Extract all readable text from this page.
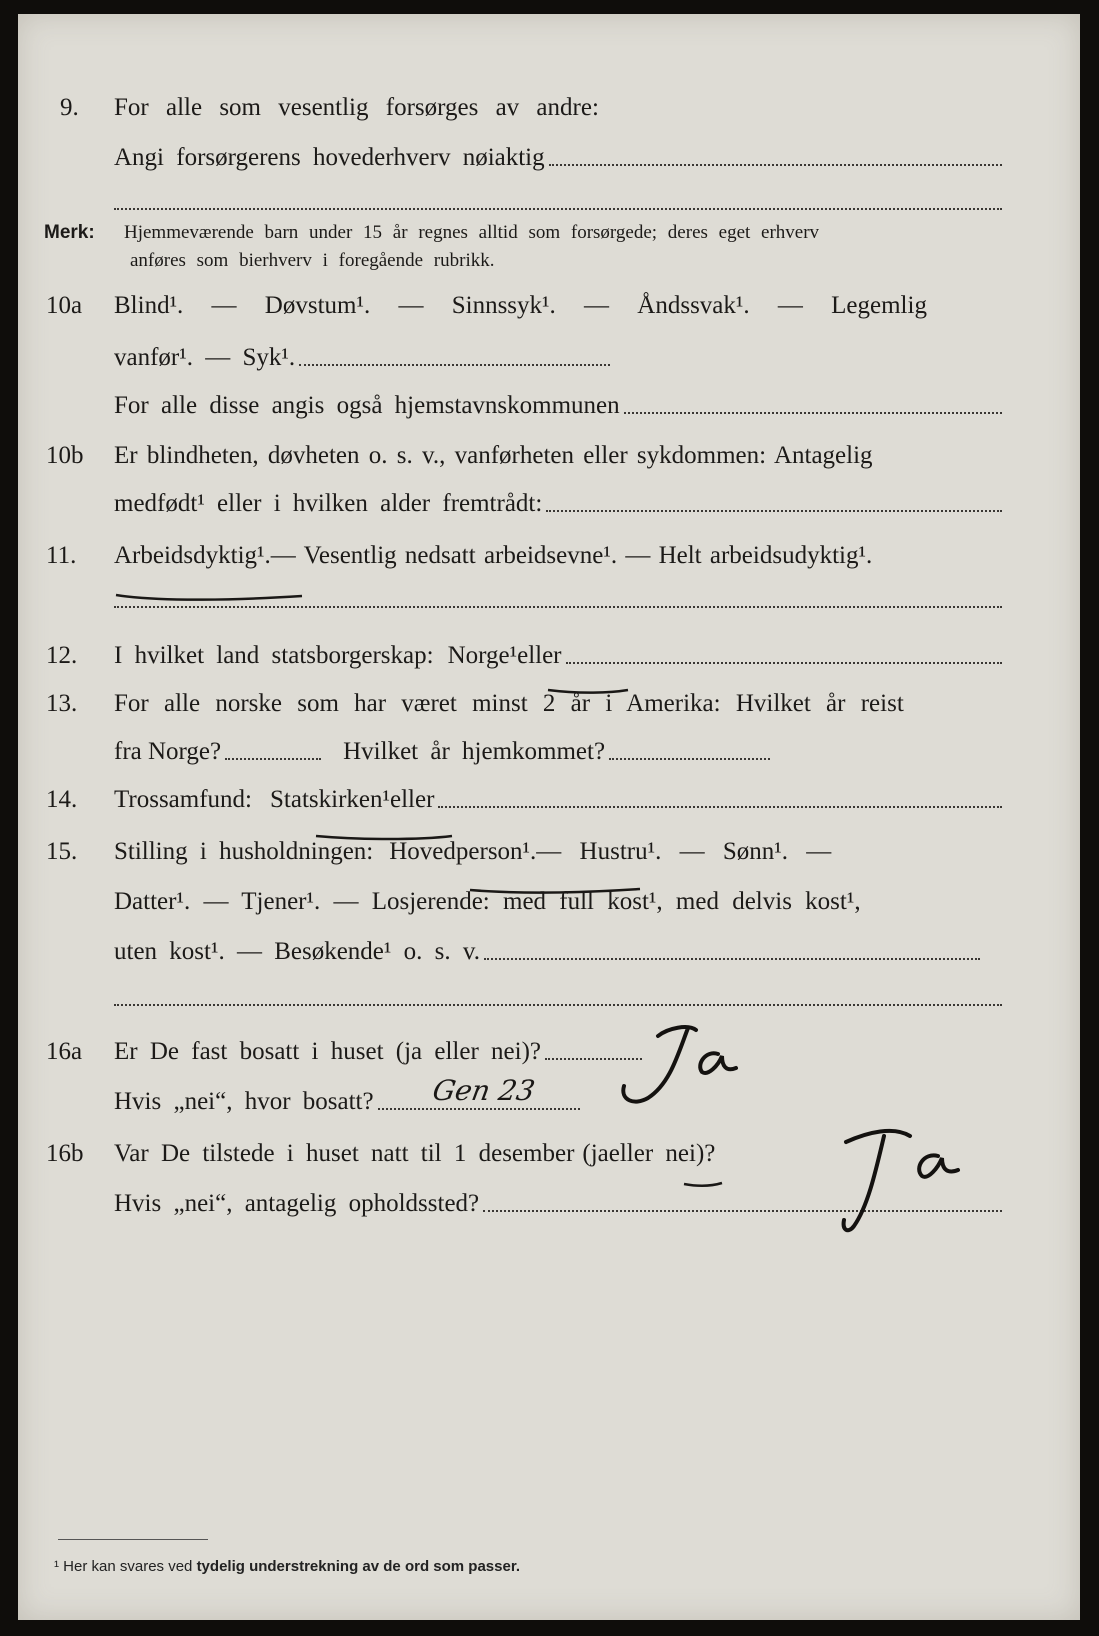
9.	For alle som vesentlig forsørges av andre:
Angi forsørgerens hovederhverv nøiaktig
Merk: Hjemmeværende barn under 15 år regnes alltid som forsørgede; deres eget erhverv
anføres som bierhverv i foregående rubrikk.
10a	Blind¹. — Døvstum¹. — Sinnssyk¹. — Åndssvak¹. — Legemlig
vanfør¹. — Syk¹.
For alle disse angis også hjemstavnskommunen
10b	Er blindheten, døvheten o. s. v., vanførheten eller sykdommen: Antagelig
medfødt¹ eller i hvilken alder fremtrådt:
11.	Arbeidsdyktig¹. — Vesentlig nedsatt arbeidsevne¹. — Helt arbeidsudyktig¹.
12.	I hvilket land statsborgerskap: Norge¹ eller
13.	For alle norske som har været minst 2 år i Amerika: Hvilket år reist
fra Norge?	Hvilket år hjemkommet?
14.	Trossamfund: Statskirken¹ eller
15.	Stilling i husholdningen: Hovedperson¹. — Hustru¹. — Sønn¹. —
Datter¹. — Tjener¹. — Losjerende: med full kost¹, med delvis kost¹,
uten kost¹. — Besøkende¹ o. s. v.
16a	Er De fast bosatt i huset (ja eller nei)?
Hvis „nei“, hvor bosatt? Gen 23
16b	Var De tilstede i huset natt til 1 desember (ja eller nei)?
Hvis „nei“, antagelig opholdssted?
¹ Her kan svares ved tydelig understrekning av de ord som passer.
